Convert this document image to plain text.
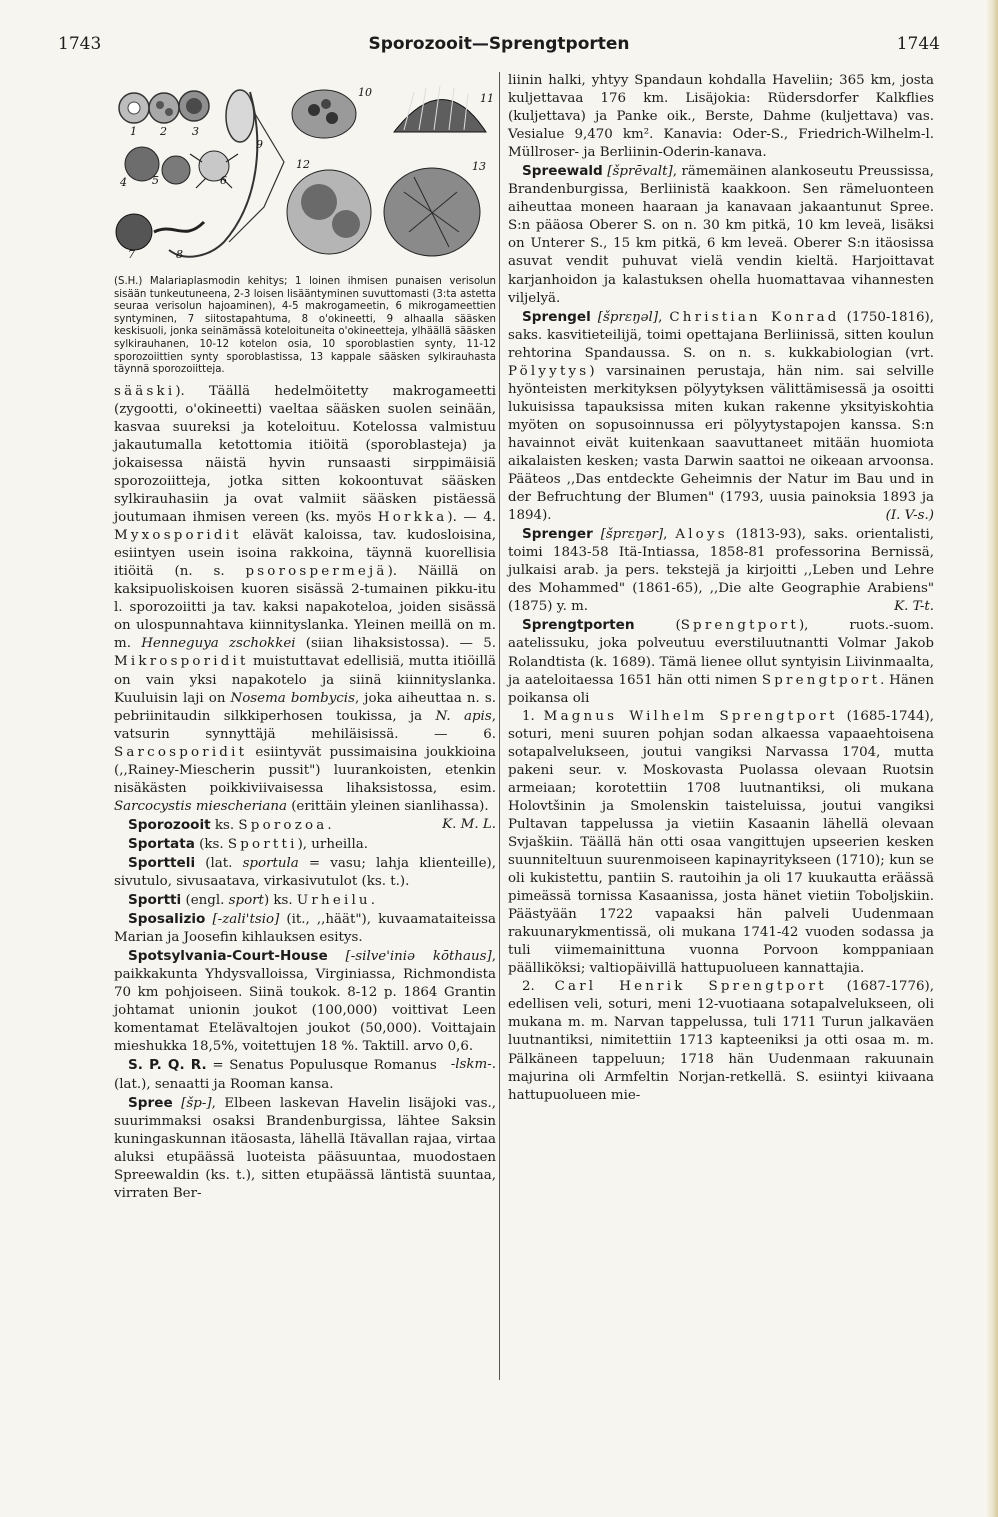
1743	Sporozooit—Sprengtporten	1744
1 2 3
4 5	6
7	8
9
10	11
12	13
(S.H.) Malariaplasmodin kehitys; 1 loinen ihmisen punaisen verisolun sisään tunkeutuneena, 2-3 loisen lisääntyminen suvuttomasti (3:ta astetta seuraa verisolun hajoaminen), 4-5 makrogameetin, 6 mikrogameettien syntyminen, 7 siitostapahtuma, 8 o'okineetti, 9 alhaalla sääsken keskisuoli, jonka seinämässä koteloituneita o'okineetteja, ylhäällä sääsken sylkirauhanen, 10-12 kotelon osia, 10 sporoblastien synty, 11-12 sporozoiittien synty sporoblastissa, 13 kappale sääsken sylkirauhasta täynnä sporozoiitteja.

sääski). Täällä hedelmöitetty makrogameetti (zygootti, o'okineetti) vaeltaa sääsken suolen seinään, kasvaa suureksi ja koteloituu. Kotelossa valmistuu jakautumalla ketottomia itiöitä (sporoblasteja) ja jokaisessa näistä hyvin runsaasti sirppimäisiä sporozoiitteja, jotka sitten kokoontuvat sääsken sylkirauhasiin ja ovat valmiit sääsken pistäessä joutumaan ihmisen vereen (ks. myös Horkka). — 4. Myxosporidit elävät kaloissa, tav. kudosloisina, esiintyen usein isoina rakkoina, täynnä kuorellisia itiöitä (n. s. psorospermejä). Näillä on kaksipuoliskoisen kuoren sisässä 2-tumainen pikku-itu l. sporozoiitti ja tav. kaksi napakoteloa, joiden sisässä on ulospunnahtava kiinnityslanka. Yleinen meillä on m. m. Henneguya zschokkei (siian lihaksistossa). — 5. Mikrosporidit muistuttavat edellisiä, mutta itiöillä on vain yksi napakotelo ja siinä kiinnityslanka. Kuuluisin laji on Nosema bombycis, joka aiheuttaa n. s. pebriinitaudin silkkiperhosen toukissa, ja N. apis, vatsurin synnyttäjä mehiläisissä. — 6. Sarcosporidit esiintyvät pussimaisina joukkioina (,,Rainey-Miescherin pussit") luurankoisten, etenkin nisäkästen poikkiviivaisessa lihaksistossa, esim. Sarcocystis miescheriana (erittäin yleinen sianlihassa).
K. M. L.

Sporozooit ks. Sporozoa.

Sportata (ks. Sportti), urheilla.

Sportteli (lat. sportula = vasu; lahja klienteille), sivutulo, sivusaatava, virkasivutulot (ks. t.).

Sportti (engl. sport) ks. Urheilu.

Sposalizio [-zali'tsio] (it., ,,häät"), kuvaamataiteissa Marian ja Joosefin kihlauksen esitys.

Spotsylvania-Court-House [-silve'iniə kōthaus], paikkakunta Yhdysvalloissa, Virginiassa, Richmondista 70 km pohjoiseen. Siinä toukok. 8-12 p. 1864 Grantin johtamat unionin joukot (100,000) voittivat Leen komentamat Etelävaltojen joukot (50,000). Voittajain mieshukka 18,5%, voitettujen 18 %. Taktill. arvo 0,6.
-lskm-.

S. P. Q. R. = Senatus Populusque Romanus (lat.), senaatti ja Rooman kansa.

Spree [šp-], Elbeen laskevan Havelin lisäjoki vas., suurimmaksi osaksi Brandenburgissa, lähtee Saksin kuningaskunnan itäosasta, lähellä Itävallan rajaa, virtaa aluksi etupäässä luoteista pääsuuntaa, muodostaen Spreewaldin (ks. t.), sitten etupäässä läntistä suuntaa, virraten Ber-

liinin halki, yhtyy Spandaun kohdalla Haveliin; 365 km, josta kuljettavaa 176 km. Lisäjokia: Rüdersdorfer Kalkflies (kuljettava) ja Panke oik., Berste, Dahme (kuljettava) vas. Vesialue 9,470 km². Kanavia: Oder-S., Friedrich-Wilhelm-l. Müllroser- ja Berliinin-Oderin-kanava.

Spreewald [šprēvalt], rämemäinen alankoseutu Preussissa, Brandenburgissa, Berliinistä kaakkoon. Sen rämeluonteen aiheuttaa moneen haaraan ja kanavaan jakaantunut Spree. S:n pääosa Oberer S. on n. 30 km pitkä, 10 km leveä, lisäksi on Unterer S., 15 km pitkä, 6 km leveä. Oberer S:n itäosissa asuvat vendit puhuvat vielä vendin kieltä. Harjoittavat karjanhoidon ja kalastuksen ohella huomattavaa vihannesten viljelyä.

Sprengel [šprɛŋəl], Christian Konrad (1750-1816), saks. kasvitieteilijä, toimi opettajana Berliinissä, sitten koulun rehtorina Spandaussa. S. on n. s. kukkabiologian (vrt. Pölyytys) varsinainen perustaja, hän nim. sai selville hyönteisten merkityksen pölyytyksen välittämisessä ja osoitti lukuisissa tapauksissa miten kukan rakenne yksityiskohtia myöten on sopusoinnussa eri pölyytystapojen kanssa. S:n havainnot eivät kuitenkaan saavuttaneet mitään huomiota aikalaisten kesken; vasta Darwin saattoi ne oikeaan arvoonsa. Pääteos ,,Das entdeckte Geheimnis der Natur im Bau und in der Befruchtung der Blumen" (1793, uusia painoksia 1893 ja 1894).	(I. V-s.)

Sprenger [šprɛŋər], Aloys (1813-93), saks. orientalisti, toimi 1843-58 Itä-Intiassa, 1858-81 professorina Bernissä, julkaisi arab. ja pers. tekstejä ja kirjoitti ,,Leben und Lehre des Mohammed" (1861-65), ,,Die alte Geographie Arabiens" (1875) y. m.	K. T-t.

Sprengtporten (Sprengtport), ruots.-suom. aatelissuku, joka polveutuu everstiluutnantti Volmar Jakob Rolandtista (k. 1689). Tämä lienee ollut syntyisin Liivinmaalta, ja aateloitaessa 1651 hän otti nimen Sprengtport. Hänen poikansa oli

1. Magnus Wilhelm Sprengtport (1685-1744), soturi, meni suuren pohjan sodan alkaessa vapaaehtoisena sotapalvelukseen, joutui vangiksi Narvassa 1704, mutta pakeni seur. v. Moskovasta Puolassa olevaan Ruotsin armeiaan; korotettiin 1708 luutnantiksi, oli mukana Holovtšinin ja Smolenskin taisteluissa, joutui vangiksi Pultavan tappelussa ja vietiin Kasaanin lähellä olevaan Svjaškiin. Täällä hän otti osaa vangittujen upseerien kesken suunniteltuun suurenmoiseen kapinayritykseen (1710); kun se oli kukistettu, pantiin S. rautoihin ja oli 17 kuukautta eräässä pimeässä tornissa Kasaanissa, josta hänet vietiin Toboljskiin. Päästyään 1722 vapaaksi hän palveli Uudenmaan rakuunarykmentissä, oli mukana 1741-42 vuoden sodassa ja tuli viimemainittuna vuonna Porvoon komppaniaan päälliköksi; valtiopäivillä hattupuolueen kannattajia.

2. Carl Henrik Sprengtport (1687-1776), edellisen veli, soturi, meni 12-vuotiaana sotapalvelukseen, oli mukana m. m. Narvan tappelussa, tuli 1711 Turun jalkaväen luutnantiksi, nimitettiin 1713 kapteeniksi ja otti osaa m. m. Pälkäneen tappeluun; 1718 hän Uudenmaan rakuunain majurina oli Armfeltin Norjan-retkellä. S. esiintyi kiivaana hattupuolueen mie-
